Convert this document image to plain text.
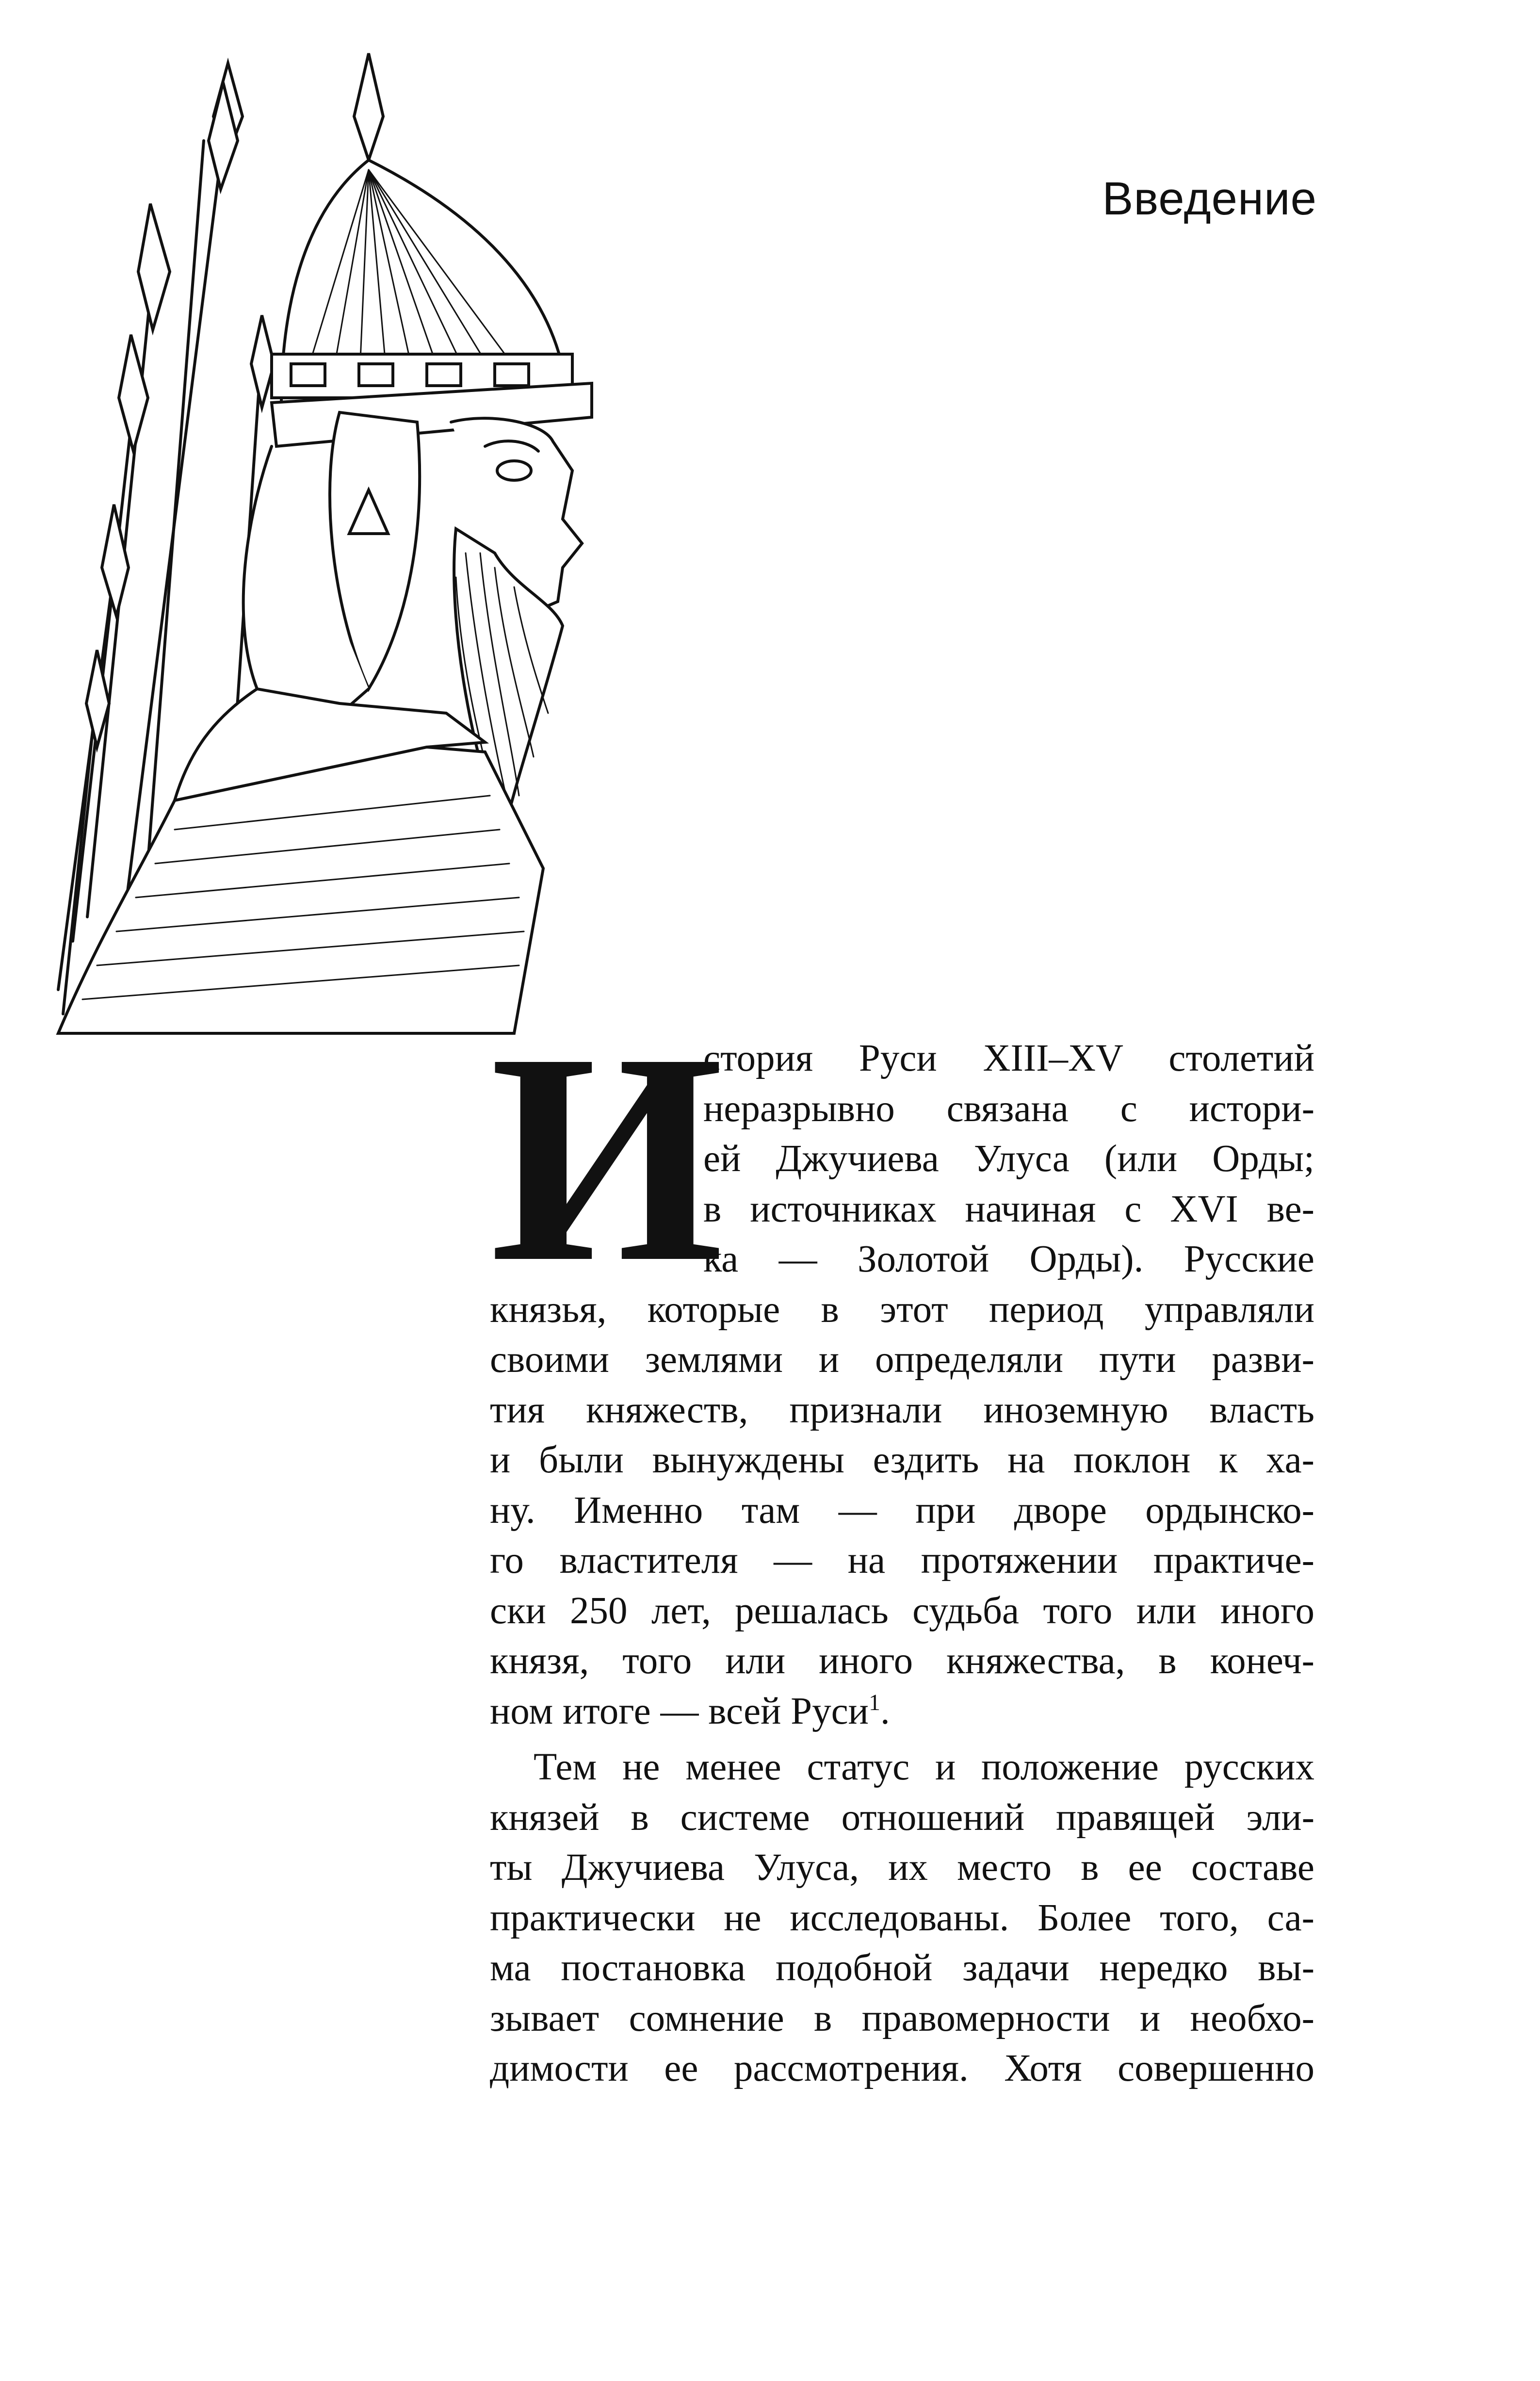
Введение
И
стория Руси XIII–XV столетий
неразрывно связана с истори-
ей Джучиева Улуса (или Орды;
в источниках начиная с XVI ве-
ка — Золотой Орды). Русские
князья, которые в этот период управляли
своими землями и определяли пути разви-
тия княжеств, признали иноземную власть
и были вынуждены ездить на поклон к ха-
ну. Именно там — при дворе ордынско-
го властителя — на протяжении практиче-
ски 250 лет, решалась судьба того или иного
князя, того или иного княжества, в конеч-
ном итоге — всей Руси$^1$.
Тем не менее статус и положение русских
князей в системе отношений правящей эли-
ты Джучиева Улуса, их место в ее составе
практически не исследованы. Более того, са-
ма постановка подобной задачи нередко вы-
зывает сомнение в правомерности и необхо-
димости ее рассмотрения. Хотя совершенно
